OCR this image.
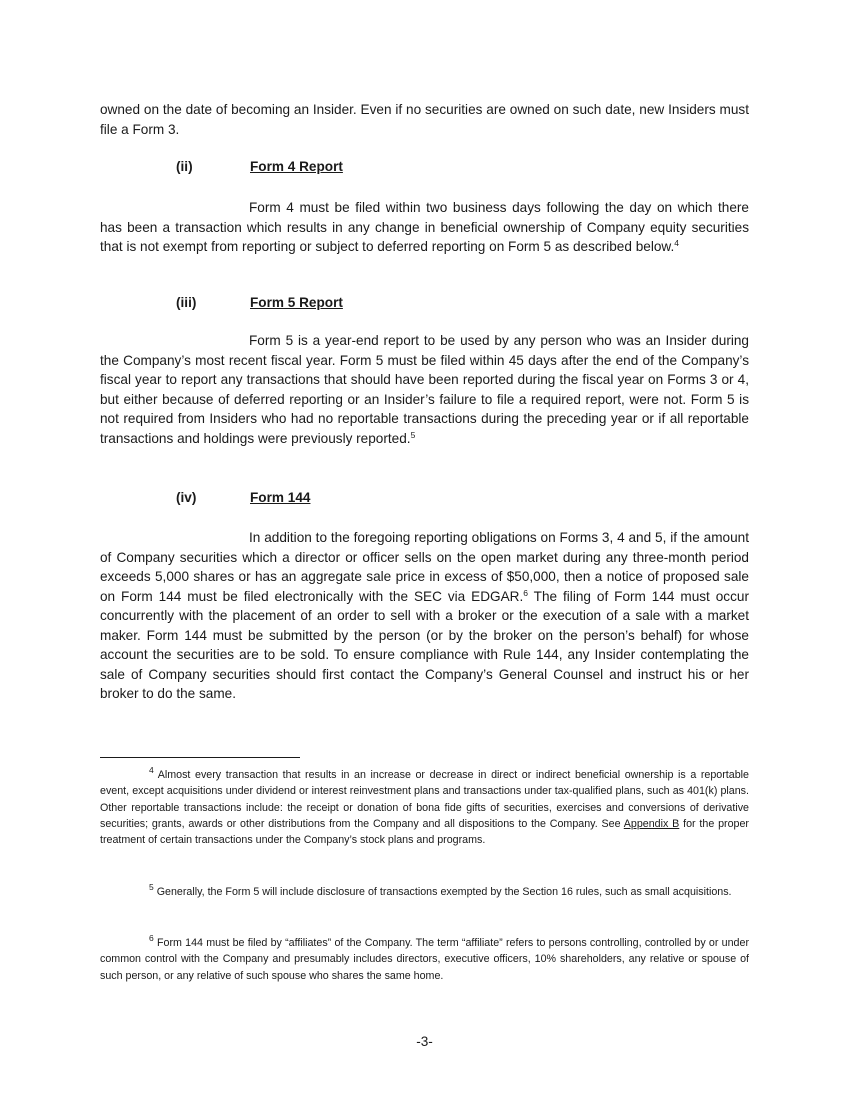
owned on the date of becoming an Insider. Even if no securities are owned on such date, new Insiders must file a Form 3.

(ii)	Form 4 Report

Form 4 must be filed within two business days following the day on which there has been a transaction which results in any change in beneficial ownership of Company equity securities that is not exempt from reporting or subject to deferred reporting on Form 5 as described below.$^4$

(iii)	Form 5 Report

Form 5 is a year-end report to be used by any person who was an Insider during the Company’s most recent fiscal year. Form 5 must be filed within 45 days after the end of the Company’s fiscal year to report any transactions that should have been reported during the fiscal year on Forms 3 or 4, but either because of deferred reporting or an Insider’s failure to file a required report, were not. Form 5 is not required from Insiders who had no reportable transactions during the preceding year or if all reportable transactions and holdings were previously reported.$^5$

(iv)	Form 144

In addition to the foregoing reporting obligations on Forms 3, 4 and 5, if the amount of Company securities which a director or officer sells on the open market during any three-month period exceeds 5,000 shares or has an aggregate sale price in excess of $50,000, then a notice of proposed sale on Form 144 must be filed electronically with the SEC via EDGAR.$^6$ The filing of Form 144 must occur concurrently with the placement of an order to sell with a broker or the execution of a sale with a market maker. Form 144 must be submitted by the person (or by the broker on the person’s behalf) for whose account the securities are to be sold. To ensure compliance with Rule 144, any Insider contemplating the sale of Company securities should first contact the Company’s General Counsel and instruct his or her broker to do the same.

$^4$ Almost every transaction that results in an increase or decrease in direct or indirect beneficial ownership is a reportable event, except acquisitions under dividend or interest reinvestment plans and transactions under tax-qualified plans, such as 401(k) plans. Other reportable transactions include: the receipt or donation of bona fide gifts of securities, exercises and conversions of derivative securities; grants, awards or other distributions from the Company and all dispositions to the Company. See Appendix B for the proper treatment of certain transactions under the Company’s stock plans and programs.

$^5$ Generally, the Form 5 will include disclosure of transactions exempted by the Section 16 rules, such as small acquisitions.

$^6$ Form 144 must be filed by “affiliates” of the Company. The term “affiliate” refers to persons controlling, controlled by or under common control with the Company and presumably includes directors, executive officers, 10% shareholders, any relative or spouse of such person, or any relative of such spouse who shares the same home.

-3-
